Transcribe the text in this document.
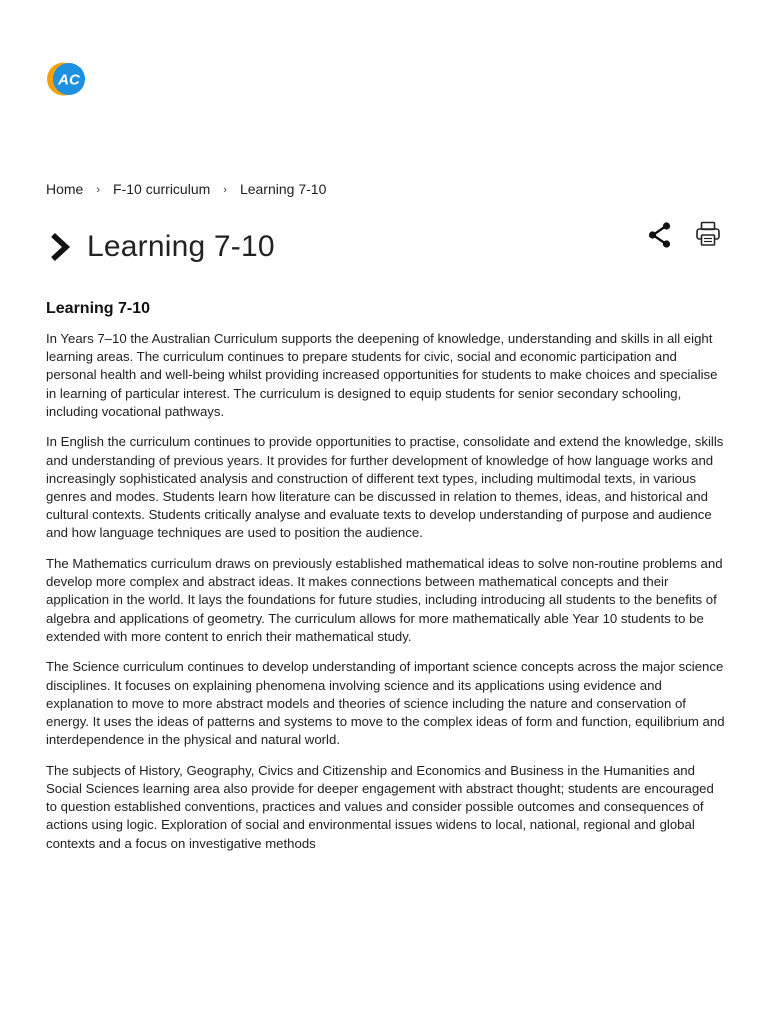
AC
Home › F-10 curriculum › Learning 7-10
Learning 7-10
Learning 7-10

In Years 7–10 the Australian Curriculum supports the deepening of knowledge, understanding and skills in all eight learning areas. The curriculum continues to prepare students for civic, social and economic participation and personal health and well-being whilst providing increased opportunities for students to make choices and specialise in learning of particular interest. The curriculum is designed to equip students for senior secondary schooling, including vocational pathways.

In English the curriculum continues to provide opportunities to practise, consolidate and extend the knowledge, skills and understanding of previous years. It provides for further development of knowledge of how language works and increasingly sophisticated analysis and construction of different text types, including multimodal texts, in various genres and modes. Students learn how literature can be discussed in relation to themes, ideas, and historical and cultural contexts. Students critically analyse and evaluate texts to develop understanding of purpose and audience and how language techniques are used to position the audience.

The Mathematics curriculum draws on previously established mathematical ideas to solve non-routine problems and develop more complex and abstract ideas. It makes connections between mathematical concepts and their application in the world. It lays the foundations for future studies, including introducing all students to the benefits of algebra and applications of geometry. The curriculum allows for more mathematically able Year 10 students to be extended with more content to enrich their mathematical study.

The Science curriculum continues to develop understanding of important science concepts across the major science disciplines. It focuses on explaining phenomena involving science and its applications using evidence and explanation to move to more abstract models and theories of science including the nature and conservation of energy. It uses the ideas of patterns and systems to move to the complex ideas of form and function, equilibrium and interdependence in the physical and natural world.

The subjects of History, Geography, Civics and Citizenship and Economics and Business in the Humanities and Social Sciences learning area also provide for deeper engagement with abstract thought; students are encouraged to question established conventions, practices and values and consider possible outcomes and consequences of actions using logic. Exploration of social and environmental issues widens to local, national, regional and global contexts and a focus on investigative methods
